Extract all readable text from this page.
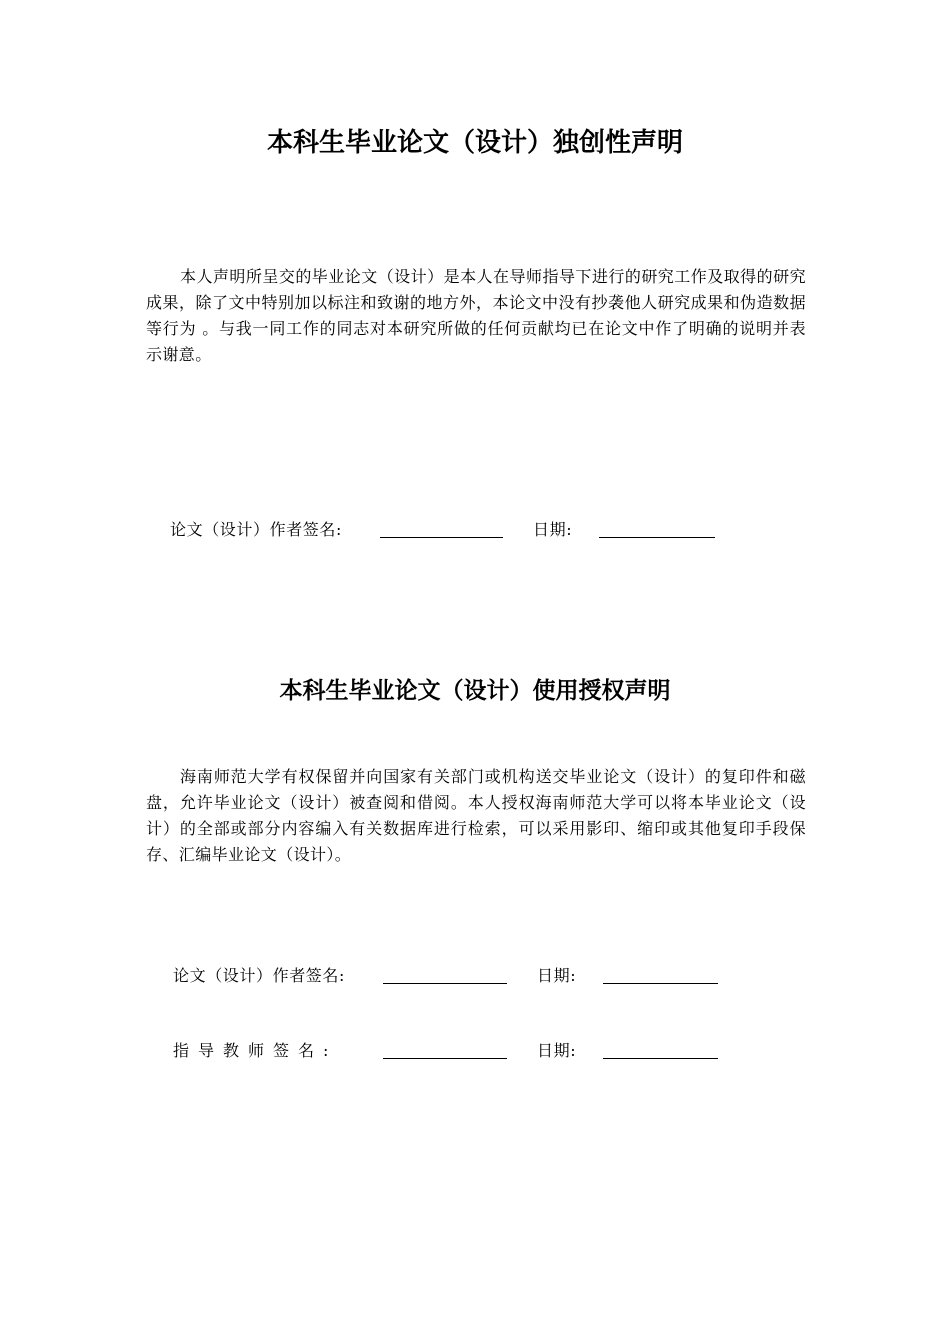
本科生毕业论文（设计）独创性声明

本人声明所呈交的毕业论文（设计）是本人在导师指导下进行的研究工作及取得的研究成果，除了文中特别加以标注和致谢的地方外，本论文中没有抄袭他人研究成果和伪造数据等行为 。与我一同工作的同志对本研究所做的任何贡献均已在论文中作了明确的说明并表示谢意。

论文（设计）作者签名:	日期:
本科生毕业论文（设计）使用授权声明

海南师范大学有权保留并向国家有关部门或机构送交毕业论文（设计）的复印件和磁盘，允许毕业论文（设计）被查阅和借阅。本人授权海南师范大学可以将本毕业论文（设计）的全部或部分内容编入有关数据库进行检索，可以采用影印、缩印或其他复印手段保存、汇编毕业论文（设计）。

论文（设计）作者签名:	日期:
指导教师签名:	日期:
